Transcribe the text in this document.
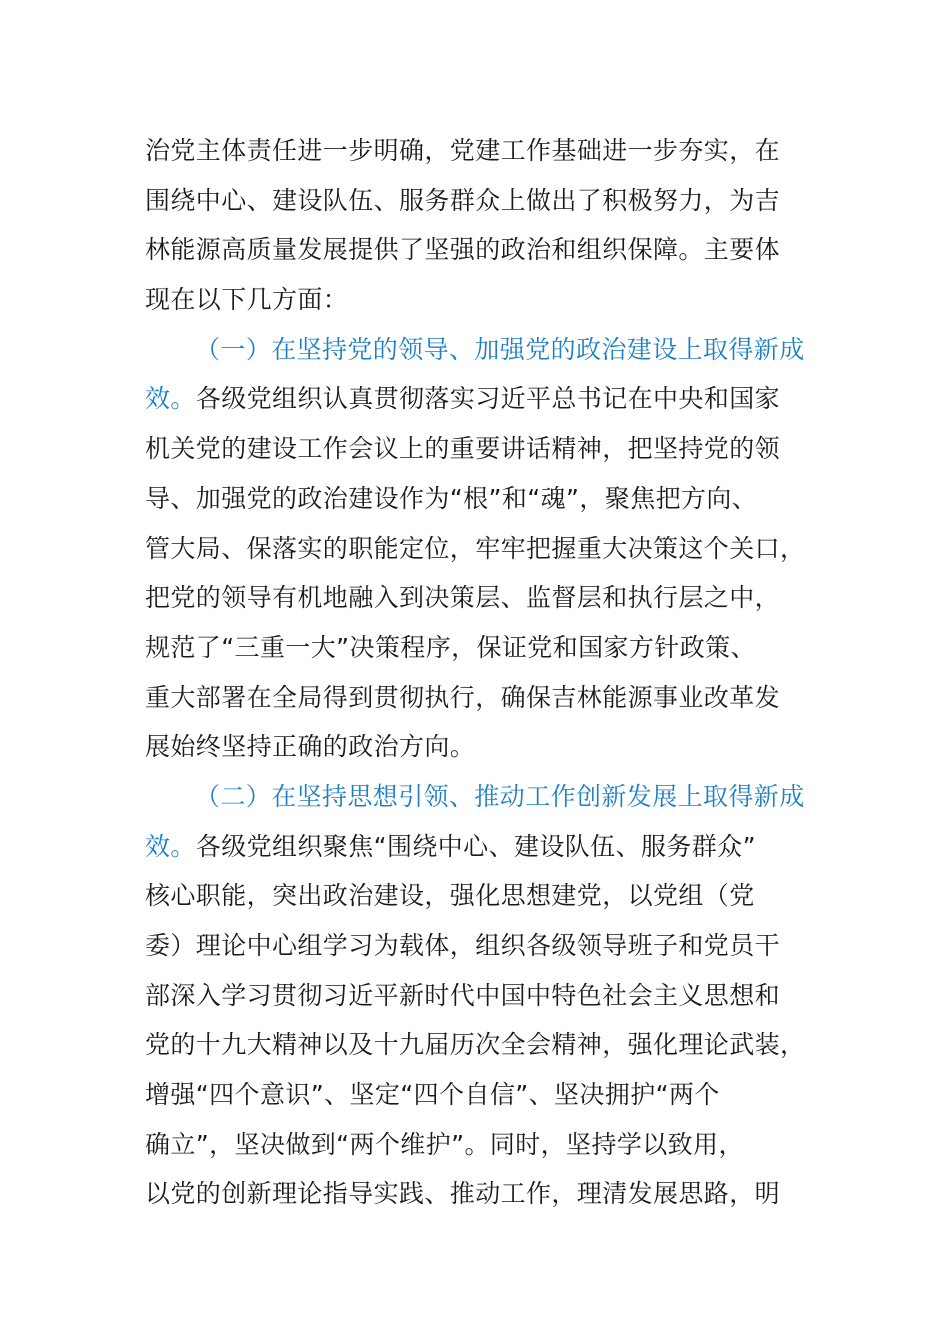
治党主体责任进一步明确，党建工作基础进一步夯实，在
围绕中心、建设队伍、服务群众上做出了积极努力，为吉
林能源高质量发展提供了坚强的政治和组织保障。主要体
现在以下几方面：
（一）在坚持党的领导、加强党的政治建设上取得新成
效。各级党组织认真贯彻落实习近平总书记在中央和国家
机关党的建设工作会议上的重要讲话精神，把坚持党的领
导、加强党的政治建设作为“根”和“魂”，聚焦把方向、
管大局、保落实的职能定位，牢牢把握重大决策这个关口，
把党的领导有机地融入到决策层、监督层和执行层之中，
规范了“三重一大”决策程序，保证党和国家方针政策、
重大部署在全局得到贯彻执行，确保吉林能源事业改革发
展始终坚持正确的政治方向。
（二）在坚持思想引领、推动工作创新发展上取得新成
效。各级党组织聚焦“围绕中心、建设队伍、服务群众”
核心职能，突出政治建设，强化思想建党，以党组（党
委）理论中心组学习为载体，组织各级领导班子和党员干
部深入学习贯彻习近平新时代中国中特色社会主义思想和
党的十九大精神以及十九届历次全会精神，强化理论武装，
增强“四个意识”、坚定“四个自信”、坚决拥护“两个
确立”，坚决做到“两个维护”。同时，坚持学以致用，
以党的创新理论指导实践、推动工作，理清发展思路，明
